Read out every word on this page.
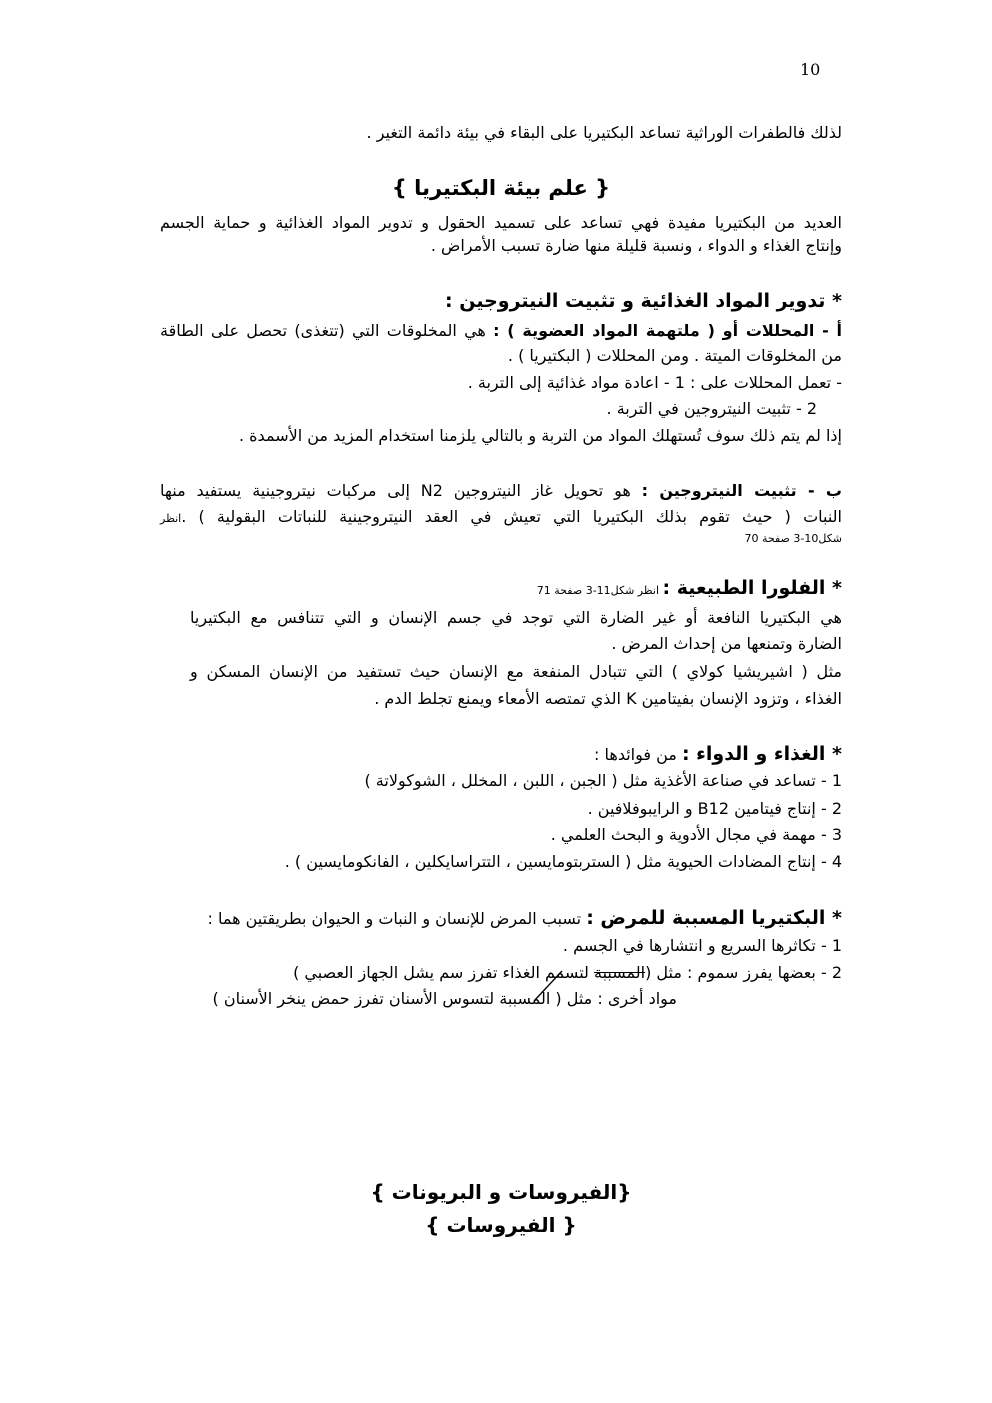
10
لذلك فالطفرات الوراثية تساعد البكتيريا على البقاء في بيئة دائمة التغير .
{ علم بيئة البكتيريا }
العديد من البكتيريا مفيدة فهي تساعد على تسميد الحقول و تدوير المواد الغذائية و حماية الجسم
وإنتاج الغذاء و الدواء ، ونسبة قليلة منها ضارة تسبب الأمراض .
* تدوير المواد الغذائية و تثبيت النيتروجين :
أ - المحللات أو ( ملتهمة المواد العضوية ) : هي المخلوقات التي (تتغذى) تحصل على الطاقة
من المخلوقات الميتة . ومن المحللات ( البكتيريا ) .
- تعمل المحللات على : 1 - اعادة مواد غذائية إلى التربة .
2 - تثبيت النيتروجين في التربة .
إذا لم يتم ذلك سوف تُستهلك المواد من التربة و بالتالي يلزمنا استخدام المزيد من الأسمدة .
ب - تثبيت النيتروجين : هو تحويل غاز النيتروجين N2 إلى مركبات نيتروجينية يستفيد منها
النبات ( حيث تقوم بذلك البكتيريا التي تعيش في العقد النيتروجينية للنباتات البقولية ) .انظر
شكل10-3 صفحة 70
* الفلورا الطبيعية : انظر شكل11-3 صفحة 71
هي البكتيريا النافعة أو غير الضارة التي توجد في جسم الإنسان و التي تتنافس مع البكتيريا
الضارة وتمنعها من إحداث المرض .
مثل ( اشيريشيا كولاي ) التي تتبادل المنفعة مع الإنسان حيث تستفيد من الإنسان المسكن و
الغذاء ، وتزود الإنسان بفيتامين K الذي تمتصه الأمعاء ويمنع تجلط الدم .
* الغذاء و الدواء : من فوائدها :
1 - تساعد في صناعة الأغذية مثل ( الجبن ، اللبن ، المخلل ، الشوكولاتة )
2 - إنتاج فيتامين B12 و الرايبوفلافين .
3 - مهمة في مجال الأدوية و البحث العلمي .
4 - إنتاج المضادات الحيوية مثل ( الستربتومايسين ، التتراسايكلين ، الفانكومايسين ) .
* البكتيريا المسببة للمرض : تسبب المرض للإنسان و النبات و الحيوان بطريقتين هما :
1 - تكاثرها السريع و انتشارها في الجسم .
2 - بعضها يفرز سموم : مثل (المسببة لتسمم الغذاء تفرز سم يشل الجهاز العصبي )
مواد أخرى : مثل ( المسببة لتسوس الأسنان تفرز حمض ينخر الأسنان )
{الفيروسات و البريونات }
{ الفيروسات }
